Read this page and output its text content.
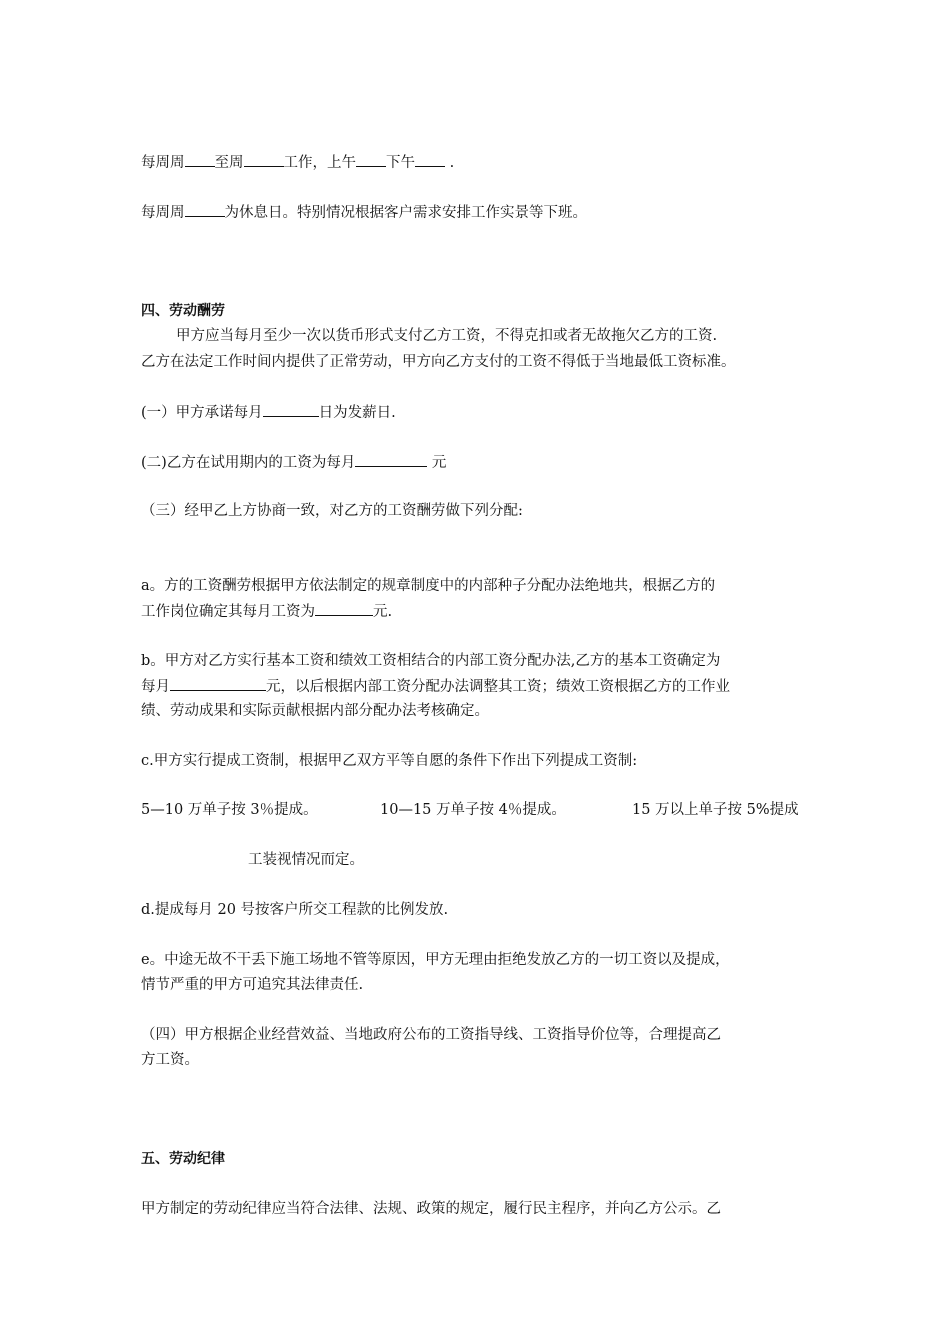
每周周 至周	工作，上午 下午 .

每周周	为休息日。特别情况根据客户需求安排工作实景等下班。

四、劳动酬劳

甲方应当每月至少一次以货币形式支付乙方工资，不得克扣或者无故拖欠乙方的工资.

乙方在法定工作时间内提供了正常劳动，甲方向乙方支付的工资不得低于当地最低工资标准。

(一）甲方承诺每月	日为发薪日.

(二)乙方在试用期内的工资为每月	元

（三）经甲乙上方协商一致，对乙方的工资酬劳做下列分配:

a。方的工资酬劳根据甲方依法制定的规章制度中的内部种子分配办法绝地共，根据乙方的

工作岗位确定其每月工资为	元.

b。甲方对乙方实行基本工资和绩效工资相结合的内部工资分配办法,乙方的基本工资确定为

每月	元，以后根据内部工资分配办法调整其工资；绩效工资根据乙方的工作业

绩、劳动成果和实际贡献根据内部分配办法考核确定。

c.甲方实行提成工资制，根据甲乙双方平等自愿的条件下作出下列提成工资制:

5—10 万单子按 3％提成。	10—15 万单子按 4％提成。	15 万以上单子按 5%提成

工装视情况而定。

d.提成每月 20 号按客户所交工程款的比例发放.

e。中途无故不干丢下施工场地不管等原因，甲方无理由拒绝发放乙方的一切工资以及提成，

情节严重的甲方可追究其法律责任.

（四）甲方根据企业经营效益、当地政府公布的工资指导线、工资指导价位等，合理提高乙

方工资。

五、劳动纪律

甲方制定的劳动纪律应当符合法律、法规、政策的规定，履行民主程序，并向乙方公示。乙
